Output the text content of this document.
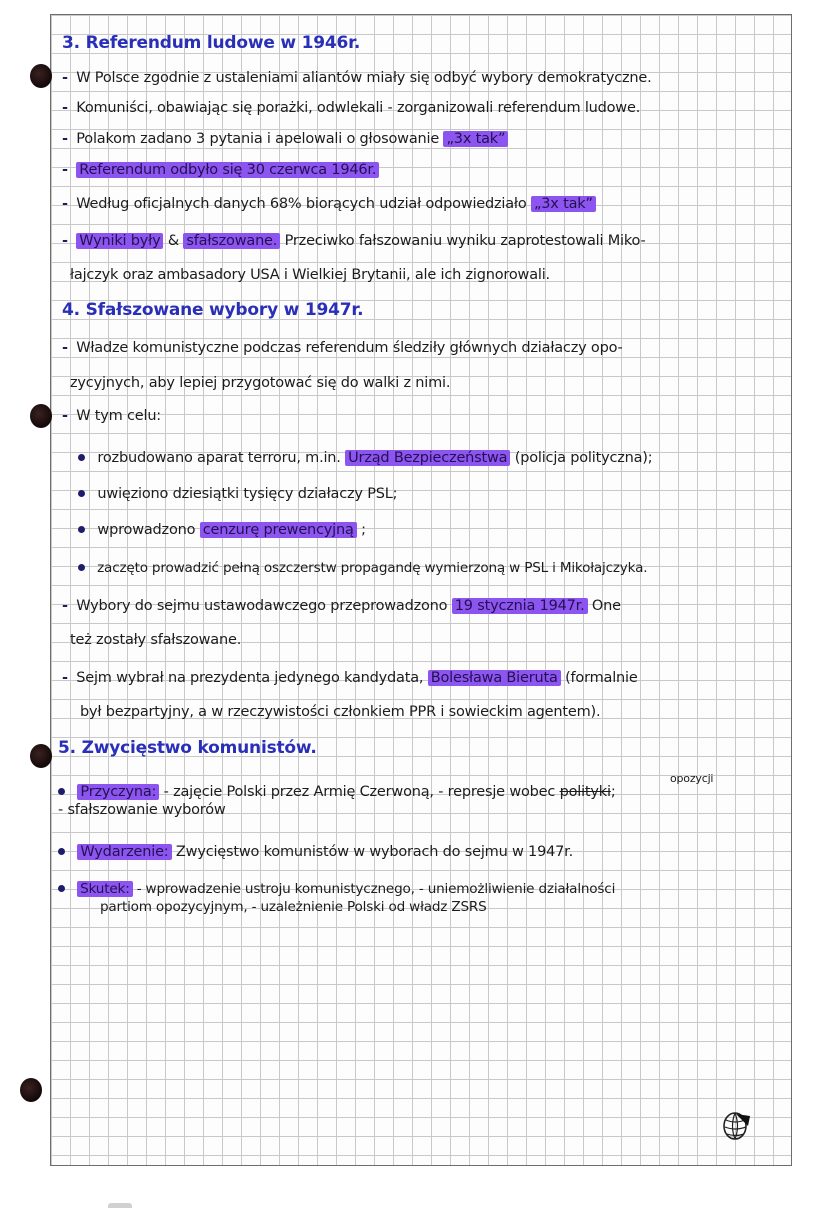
3. Referendum ludowe w 1946r.
- W Polsce zgodnie z ustaleniami aliantów miały się odbyć wybory demokratyczne.
- Komuniści, obawiając się porażki, odwlekali - zorganizowali referendum ludowe.
- Polakom zadano 3 pytania i apelowali o głosowanie „3x tak”
- Referendum odbyło się 30 czerwca 1946r.
- Według oficjalnych danych 68% biorących udział odpowiedziało „3x tak”
- Wyniki były & sfałszowane. Przeciwko fałszowaniu wyniku zaprotestowali Miko-
łajczyk oraz ambasadory USA i Wielkiej Brytanii, ale ich zignorowali.
4. Sfałszowane wybory w 1947r.
- Władze komunistyczne podczas referendum śledziły głównych działaczy opo-
zycyjnych, aby lepiej przygotować się do walki z nimi.
- W tym celu:
rozbudowano aparat terroru, m.in. Urząd Bezpieczeństwa (policja polityczna);
uwięziono dziesiątki tysięcy działaczy PSL;
wprowadzono cenzurę prewencyjną ;
zaczęto prowadzić pełną oszczerstw propagandę wymierzoną w PSL i Mikołajczyka.
- Wybory do sejmu ustawodawczego przeprowadzono 19 stycznia 1947r. One
też zostały sfałszowane.
- Sejm wybrał na prezydenta jedynego kandydata, Bolesława Bieruta (formalnie
był bezpartyjny, a w rzeczywistości członkiem PPR i sowieckim agentem).
5. Zwycięstwo komunistów.
opozycji
Przyczyna: - zajęcie Polski przez Armię Czerwoną, - represje wobec polityki;
- sfałszowanie wyborów
Wydarzenie: Zwycięstwo komunistów w wyborach do sejmu w 1947r.
Skutek: - wprowadzenie ustroju komunistycznego, - uniemożliwienie działalności
partiom opozycyjnym, - uzależnienie Polski od władz ZSRS
